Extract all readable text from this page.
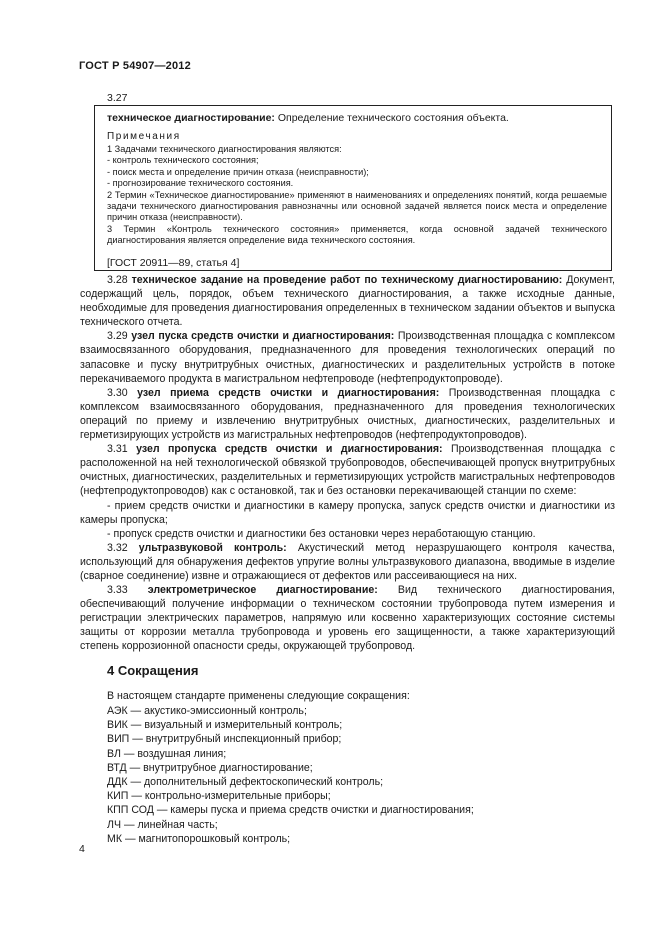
ГОСТ Р 54907—2012
3.27
техническое диагностирование: Определение технического состояния объекта.
Примечания

1 Задачами технического диагностирования являются:

- контроль технического состояния;

- поиск места и определение причин отказа (неисправности);

- прогнозирование технического состояния.

2 Термин «Техническое диагностирование» применяют в наименованиях и определениях понятий, когда решаемые задачи технического диагностирования равнозначны или основной задачей является поиск места и определение причин отказа (неисправности).

3 Термин «Контроль технического состояния» применяется, когда основной задачей технического диагностирования является определение вида технического состояния.

[ГОСТ 20911—89, статья 4]

3.28 техническое задание на проведение работ по техническому диагностированию: Документ, содержащий цель, порядок, объем технического диагностирования, а также исходные данные, необходимые для проведения диагностирования определенных в техническом задании объектов и выпуска технического отчета.

3.29 узел пуска средств очистки и диагностирования: Производственная площадка с комплексом взаимосвязанного оборудования, предназначенного для проведения технологических операций по запасовке и пуску внутритрубных очистных, диагностических и разделительных устройств в потоке перекачиваемого продукта в магистральном нефтепроводе (нефтепродуктопроводе).

3.30 узел приема средств очистки и диагностирования: Производственная площадка с комплексом взаимосвязанного оборудования, предназначенного для проведения технологических операций по приему и извлечению внутритрубных очистных, диагностических, разделительных и герметизирующих устройств из магистральных нефтепроводов (нефтепродуктопроводов).

3.31 узел пропуска средств очистки и диагностирования: Производственная площадка с расположенной на ней технологической обвязкой трубопроводов, обеспечивающей пропуск внутритрубных очистных, диагностических, разделительных и герметизирующих устройств магистральных нефтепроводов (нефтепродуктопроводов) как с остановкой, так и без остановки перекачивающей станции по схеме:

- прием средств очистки и диагностики в камеру пропуска, запуск средств очистки и диагностики из камеры пропуска;

- пропуск средств очистки и диагностики без остановки через неработающую станцию.

3.32 ультразвуковой контроль: Акустический метод неразрушающего контроля качества, использующий для обнаружения дефектов упругие волны ультразвукового диапазона, вводимые в изделие (сварное соединение) извне и отражающиеся от дефектов или рассеивающиеся на них.

3.33 электрометрическое диагностирование: Вид технического диагностирования, обеспечивающий получение информации о техническом состоянии трубопровода путем измерения и регистрации электрических параметров, напрямую или косвенно характеризующих состояние системы защиты от коррозии металла трубопровода и уровень его защищенности, а также характеризующий степень коррозионной опасности среды, окружающей трубопровод.

4 Сокращения
В настоящем стандарте применены следующие сокращения:
АЭК — акустико-эмиссионный контроль;
ВИК — визуальный и измерительный контроль;
ВИП — внутритрубный инспекционный прибор;
ВЛ — воздушная линия;
ВТД — внутритрубное диагностирование;
ДДК — дополнительный дефектоскопический контроль;
КИП — контрольно-измерительные приборы;
КПП СОД — камеры пуска и приема средств очистки и диагностирования;
ЛЧ — линейная часть;
МК — магнитопорошковый контроль;
4
